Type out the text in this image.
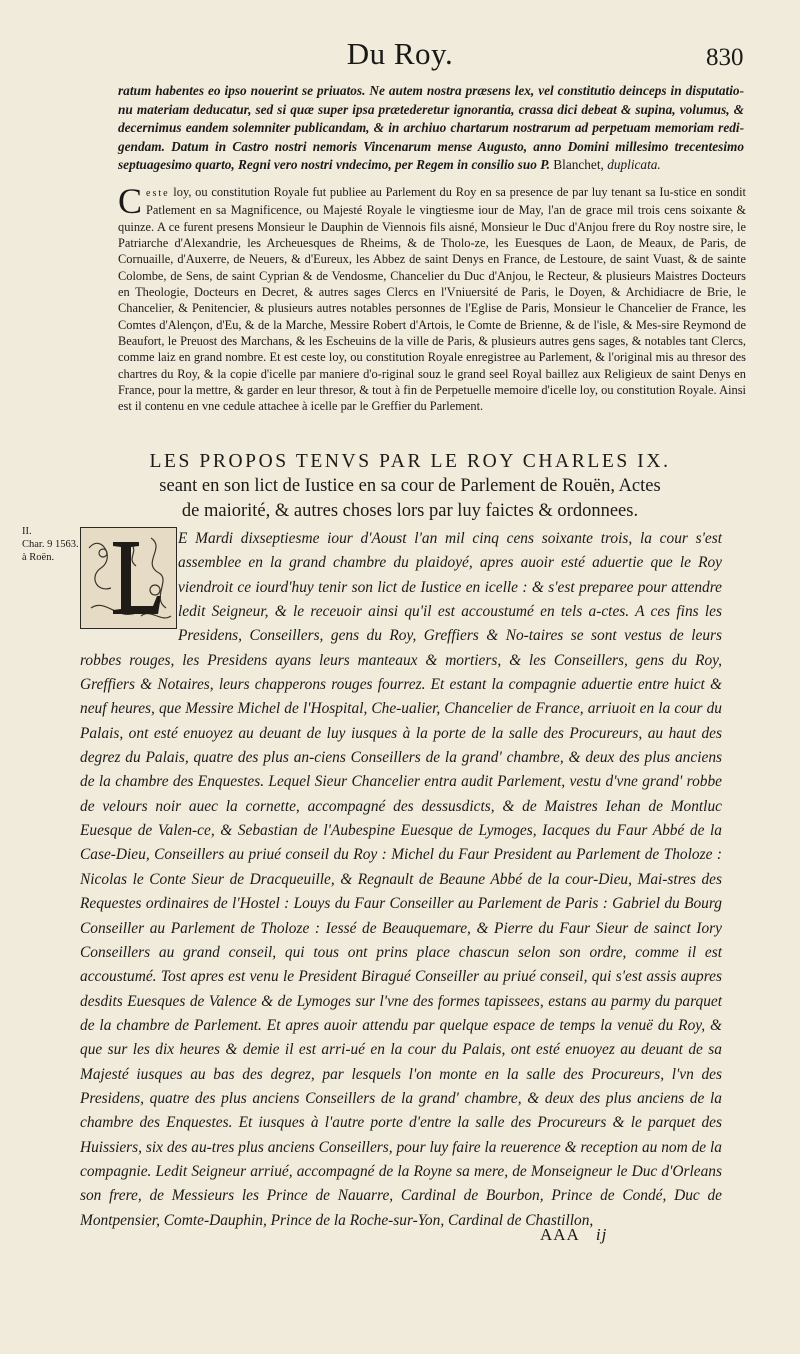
Du Roy.	830
ratum habentes eo ipso nouerint se priuatos. Ne autem nostra præsens lex, vel constitutio deinceps in disputatio-nu materiam deducatur, sed si quæ super ipsa prætederetur ignorantia, crassa dici debeat & supina, volumus, & decernimus eandem solemniter publicandam, & in archiuo chartarum nostrarum ad perpetuam memoriam redi-gendam. Datum in Castro nostri nemoris Vincenarum mense Augusto, anno Domini millesimo trecentesimo septuagesimo quarto, Regni vero nostri vndecimo, per Regem in consilio suo P. Blanchet, duplicata.
Ceste loy, ou constitution Royale fut publiee au Parlement du Roy en sa presence de par luy tenant sa Iu-stice en sondit Patlement en sa Magnificence, ou Majesté Royale le vingtiesme iour de May, l'an de grace mil trois cens soixante & quinze. A ce furent presens Monsieur le Dauphin de Viennois fils aisné, Monsieur le Duc d'Anjou frere du Roy nostre sire, le Patriarche d'Alexandrie, les Archeuesques de Rheims, & de Tholo-ze, les Euesques de Laon, de Meaux, de Paris, de Cornuaille, d'Auxerre, de Neuers, & d'Eureux, les Abbez de saint Denys en France, de Lestoure, de saint Vuast, & de sainte Colombe, de Sens, de saint Cyprian & de Vendosme, Chancelier du Duc d'Anjou, le Recteur, & plusieurs Maistres Docteurs en Theologie, Docteurs en Decret, & autres sages Clercs en l'Vniuersité de Paris, le Doyen, & Archidiacre de Brie, le Chancelier, & Penitencier, & plusieurs autres notables personnes de l'Eglise de Paris, Monsieur le Chancelier de France, les Comtes d'Alençon, d'Eu, & de la Marche, Messire Robert d'Artois, le Comte de Brienne, & de l'isle, & Mes-sire Reymond de Beaufort, le Preuost des Marchans, & les Escheuins de la ville de Paris, & plusieurs autres gens sages, & notables tant Clercs, comme laiz en grand nombre. Et est ceste loy, ou constitution Royale enregistree au Parlement, & l'original mis au thresor des chartres du Roy, & la copie d'icelle par maniere d'o-riginal souz le grand seel Royal baillez aux Religieux de saint Denys en France, pour la mettre, & garder en leur thresor, & tout à fin de Perpetuelle memoire d'icelle loy, ou constitution Royale. Ainsi est il contenu en vne cedule attachee à icelle par le Greffier du Parlement.
LES PROPOS TENVS PAR LE ROY CHARLES IX.
seant en son lict de Iustice en sa cour de Parlement de Rouën, Actes
de maiorité, & autres choses lors par luy faictes & ordonnees.
II.
Char. 9 1563.
à Roën.
E Mardi dixseptiesme iour d'Aoust l'an mil cinq cens soixante trois, la cour s'est assemblee en la grand chambre du plaidoyé, apres auoir esté aduertie que le Roy viendroit ce iourd'huy tenir son lict de Iustice en icelle : & s'est preparee pour attendre ledit Seigneur, & le receuoir ainsi qu'il est accoustumé en tels a-ctes. A ces fins les Presidens, Conseillers, gens du Roy, Greffiers & No-taires se sont vestus de leurs robbes rouges, les Presidens ayans leurs manteaux & mortiers, & les Conseillers, gens du Roy, Greffiers & Notaires, leurs chapperons rouges fourrez. Et estant la compagnie aduertie entre huict & neuf heures, que Messire Michel de l'Hospital, Che-ualier, Chancelier de France, arriuoit en la cour du Palais, ont esté enuoyez au deuant de luy iusques à la porte de la salle des Procureurs, au haut des degrez du Palais, quatre des plus an-ciens Conseillers de la grand' chambre, & deux des plus anciens de la chambre des Enquestes. Lequel Sieur Chancelier entra audit Parlement, vestu d'vne grand' robbe de velours noir auec la cornette, accompagné des dessusdicts, & de Maistres Iehan de Montluc Euesque de Valen-ce, & Sebastian de l'Aubespine Euesque de Lymoges, Iacques du Faur Abbé de la Case-Dieu, Conseillers au priué conseil du Roy : Michel du Faur President au Parlement de Tholoze : Nicolas le Conte Sieur de Dracqueuille, & Regnault de Beaune Abbé de la cour-Dieu, Mai-stres des Requestes ordinaires de l'Hostel : Louys du Faur Conseiller au Parlement de Paris : Gabriel du Bourg Conseiller au Parlement de Tholoze : Iessé de Beauquemare, & Pierre du Faur Sieur de sainct Iory Conseillers au grand conseil, qui tous ont prins place chascun selon son ordre, comme il est accoustumé. Tost apres est venu le President Biragué Conseiller au priué conseil, qui s'est assis aupres desdits Euesques de Valence & de Lymoges sur l'vne des formes tapissees, estans au parmy du parquet de la chambre de Parlement. Et apres auoir attendu par quelque espace de temps la venuë du Roy, & que sur les dix heures & demie il est arri-ué en la cour du Palais, ont esté enuoyez au deuant de sa Majesté iusques au bas des degrez, par lesquels l'on monte en la salle des Procureurs, l'vn des Presidens, quatre des plus anciens Conseillers de la grand' chambre, & deux des plus anciens de la chambre des Enquestes. Et iusques à l'autre porte d'entre la salle des Procureurs & le parquet des Huissiers, six des au-tres plus anciens Conseillers, pour luy faire la reuerence & reception au nom de la compagnie. Ledit Seigneur arriué, accompagné de la Royne sa mere, de Monseigneur le Duc d'Orleans son frere, de Messieurs les Prince de Nauarre, Cardinal de Bourbon, Prince de Condé, Duc de Montpensier, Comte-Dauphin, Prince de la Roche-sur-Yon, Cardinal de Chastillon,
AAA ij
